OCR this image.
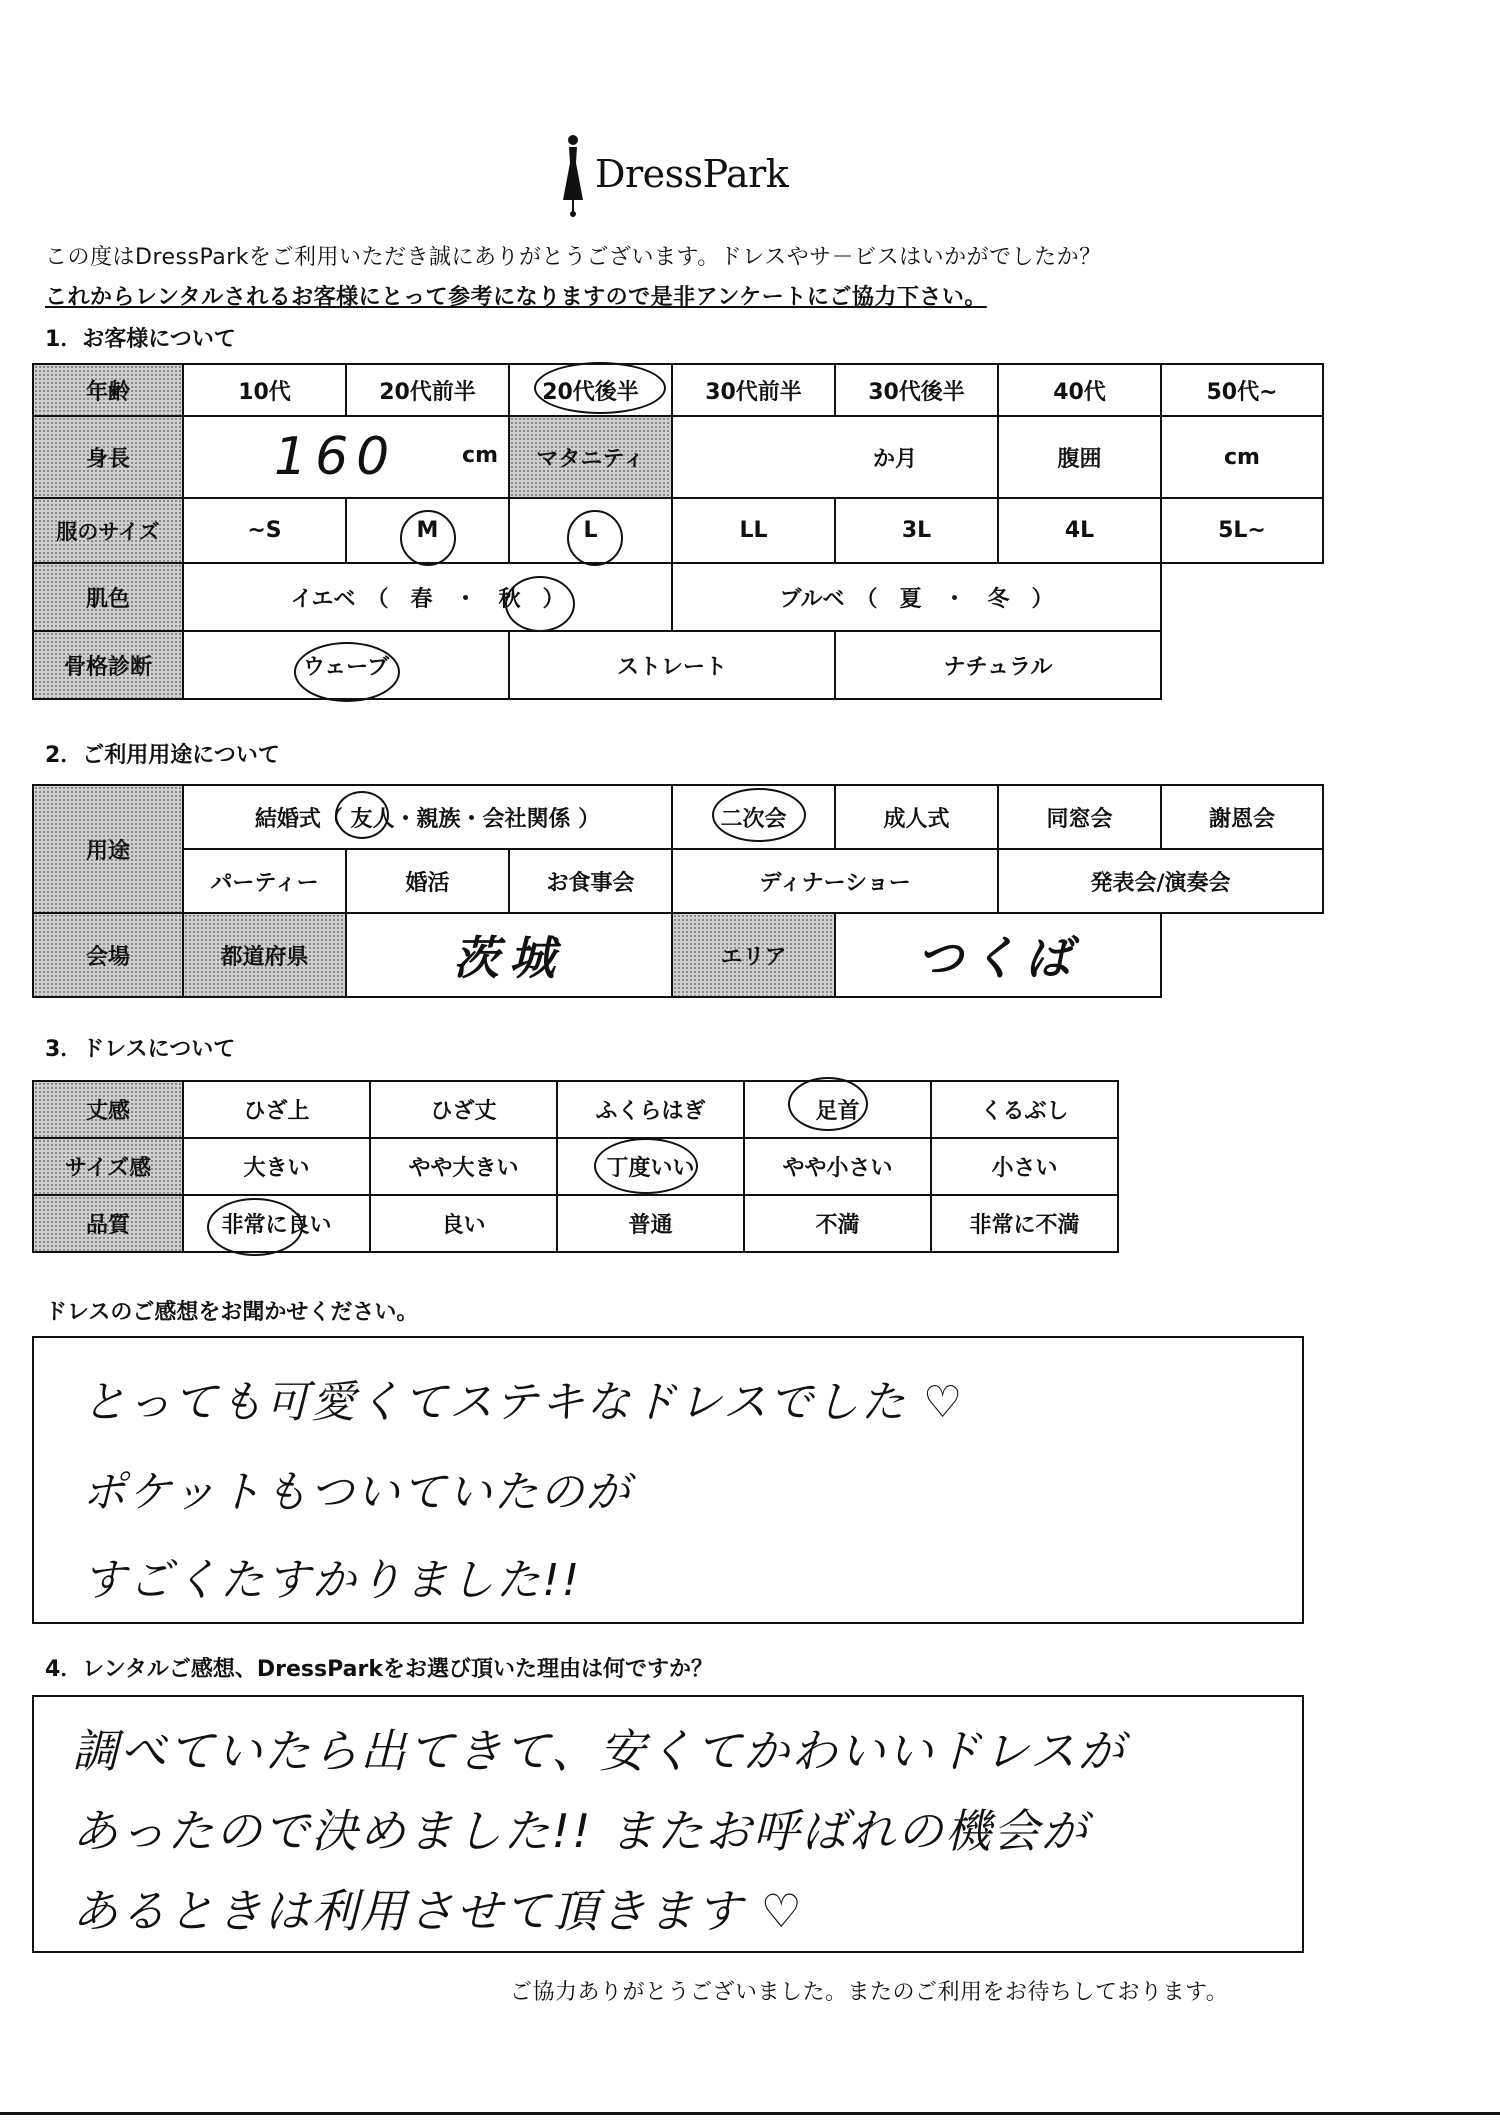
DressPark
この度はDressParkをご利用いただき誠にありがとうございます。ドレスやサ－ビスはいかがでしたか？
これからレンタルされるお客様にとって参考になりますので是非アンケートにご協力下さい。
1．お客様について
年齢	10代	20代前半	20代後半	30代前半	30代後半	40代	50代~
身長	160 cm		マタニティ	か月		腹囲	cm
服のサイズ	~S	M	L	LL	3L	4L	5L~
肌色	イエベ　（　春　・　秋　）			ブルベ　（　夏　・　冬　）			
骨格診断	ウェーブ		ストレート		ナチュラル		
2．ご利用用途について
用途	結婚式（ 友人・親族・会社関係 ）			二次会	成人式	同窓会	謝恩会
	パーティー	婚活	お食事会	ディナーショー		発表会/演奏会	
会場	都道府県	茨城		エリア	つくば		
3．ドレスについて
丈感	ひざ上	ひざ丈	ふくらはぎ	足首	くるぶし
サイズ感	大きい	やや大きい	丁度いい	やや小さい	小さい
品質	非常に良い	良い	普通	不満	非常に不満
ドレスのご感想をお聞かせください。
とっても可愛くてステキなドレスでした ♡
ポケットもついていたのが
すごくたすかりました!!
4．レンタルご感想、DressParkをお選び頂いた理由は何ですか？
調べていたら出てきて、安くてかわいいドレスが
あったので決めました!! またお呼ばれの機会が
あるときは利用させて頂きます ♡
ご協力ありがとうございました。またのご利用をお待ちしております。
